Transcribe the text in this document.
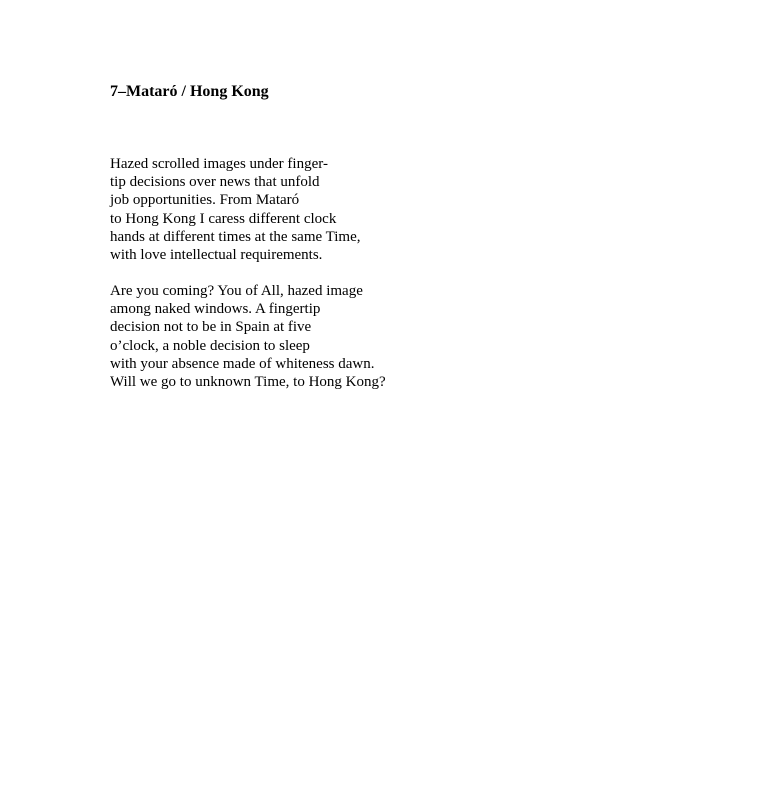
7–Mataró / Hong Kong
Hazed scrolled images under finger-
tip decisions over news that unfold
job opportunities. From Mataró
to Hong Kong I caress different clock
hands at different times at the same Time,
with love intellectual requirements.
Are you coming? You of All, hazed image
among naked windows. A fingertip
decision not to be in Spain at five
o’clock, a noble decision to sleep
with your absence made of whiteness dawn.
Will we go to unknown Time, to Hong Kong?
